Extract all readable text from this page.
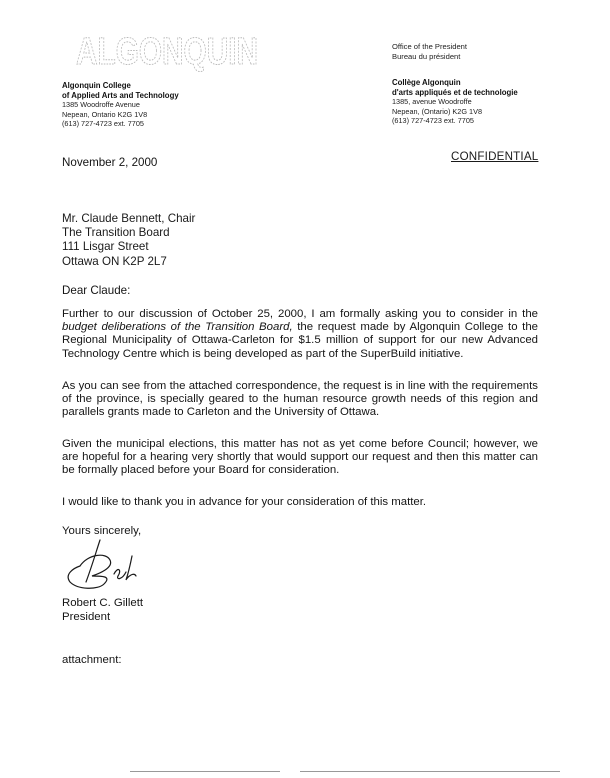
ALGONQUIN
Algonquin College
of Applied Arts and Technology
1385 Woodroffe Avenue
Nepean, Ontario K2G 1V8
(613) 727-4723 ext. 7705
Office of the President
Bureau du président
Collège Algonquin
d'arts appliqués et de technologie
1385, avenue Woodroffe
Nepean, (Ontario) K2G 1V8
(613) 727-4723 ext. 7705
November 2, 2000	CONFIDENTIAL
Mr. Claude Bennett, Chair
The Transition Board
111 Lisgar Street
Ottawa ON K2P 2L7
Dear Claude:
Further to our discussion of October 25, 2000, I am formally asking you to consider in the budget deliberations of the Transition Board, the request made by Algonquin College to the Regional Municipality of Ottawa-Carleton for $1.5 million of support for our new Advanced Technology Centre which is being developed as part of the SuperBuild initiative.
As you can see from the attached correspondence, the request is in line with the requirements of the province, is specially geared to the human resource growth needs of this region and parallels grants made to Carleton and the University of Ottawa.
Given the municipal elections, this matter has not as yet come before Council; however, we are hopeful for a hearing very shortly that would support our request and then this matter can be formally placed before your Board for consideration.
I would like to thank you in advance for your consideration of this matter.
Yours sincerely,
Robert C. Gillett
President
attachment:
